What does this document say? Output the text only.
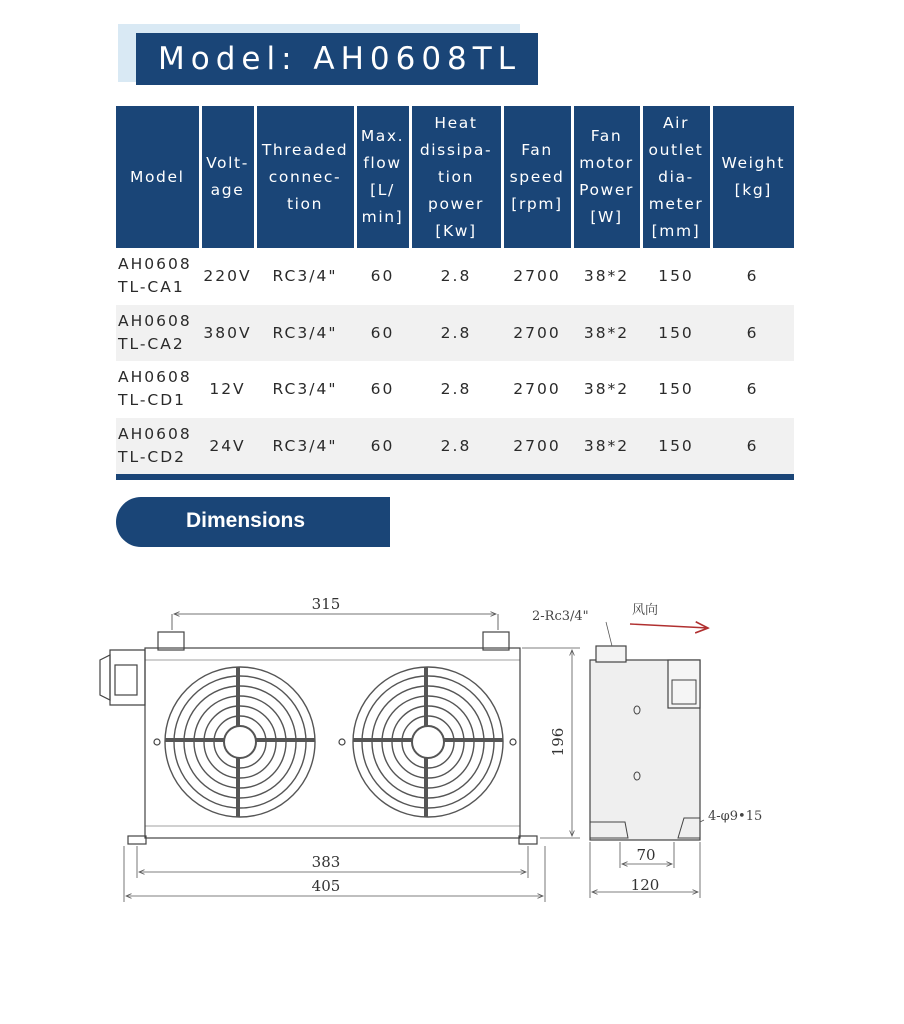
Model: AH0608TL
Model	Volt-age	Threaded connec-tion	Max. flow [L/ min]	Heat dissipa-tion power [Kw]	Fan speed [rpm]	Fan motor Power [W]	Air outlet dia-meter [mm]	Weight [kg]
AH0608 TL-CA1	220V	RC3/4"	60	2.8	2700	38*2	150	6
AH0608 TL-CA2	380V	RC3/4"	60	2.8	2700	38*2	150	6
AH0608 TL-CD1	12V	RC3/4"	60	2.8	2700	38*2	150	6
AH0608 TL-CD2	24V	RC3/4"	60	2.8	2700	38*2	150	6
Dimensions
315
196
383
405
2-Rc3/4"	风向
4-φ9•15
70
120
